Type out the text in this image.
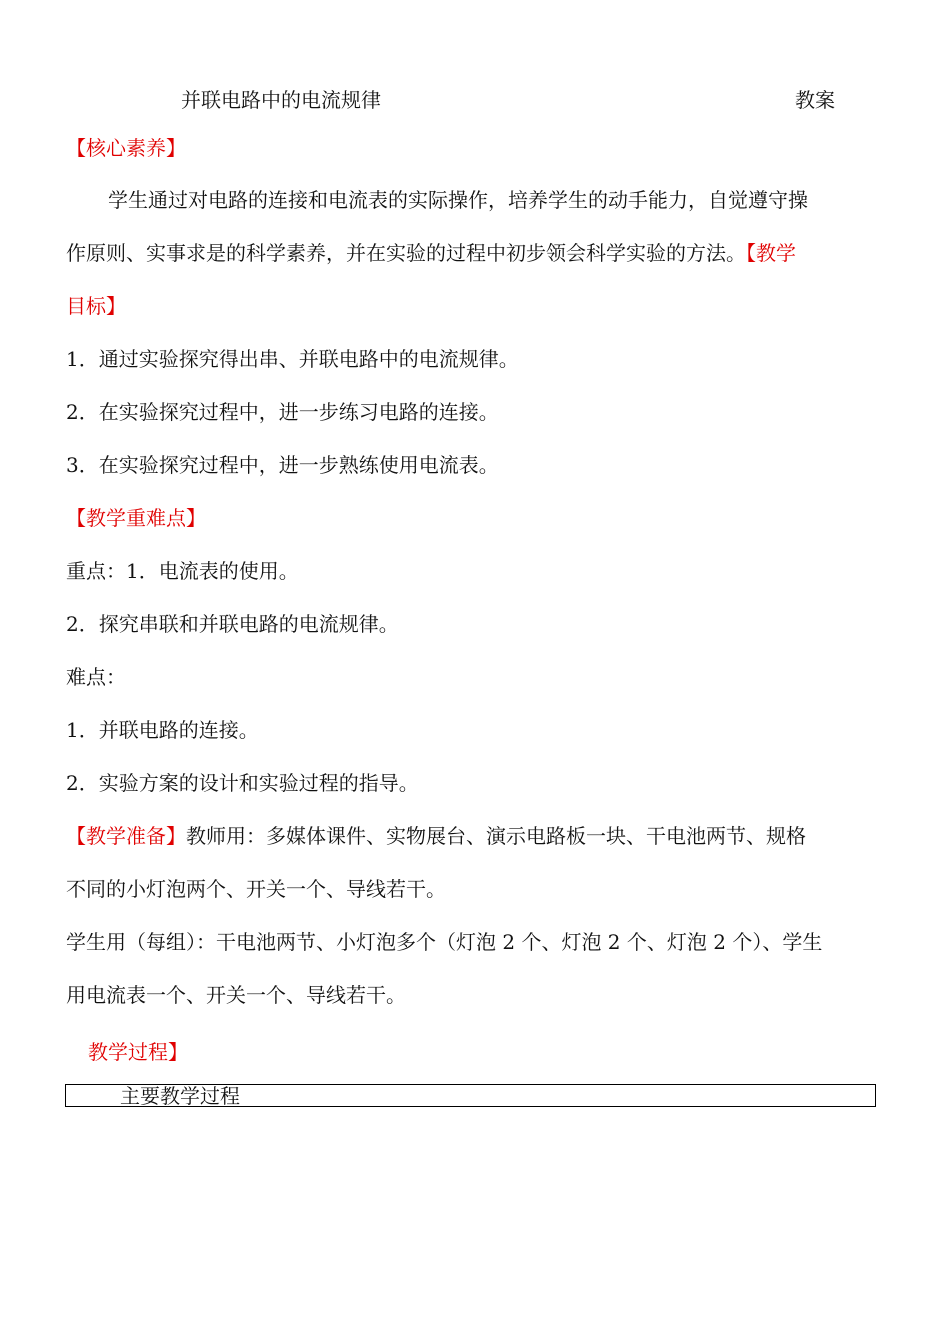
并联电路中的电流规律	教案
【核心素养】
学生通过对电路的连接和电流表的实际操作，培养学生的动手能力，自觉遵守操
作原则、实事求是的科学素养，并在实验的过程中初步领会科学实验的方法。【教学
目标】
1．通过实验探究得出串、并联电路中的电流规律。
2．在实验探究过程中，进一步练习电路的连接。
3．在实验探究过程中，进一步熟练使用电流表。
【教学重难点】
重点：1．电流表的使用。
2．探究串联和并联电路的电流规律。
难点：
1．并联电路的连接。
2．实验方案的设计和实验过程的指导。
【教学准备】教师用：多媒体课件、实物展台、演示电路板一块、干电池两节、规格
不同的小灯泡两个、开关一个、导线若干。
学生用（每组）：干电池两节、小灯泡多个（灯泡 2 个、灯泡 2 个、灯泡 2 个）、学生
用电流表一个、开关一个、导线若干。
教学过程】
主要教学过程
